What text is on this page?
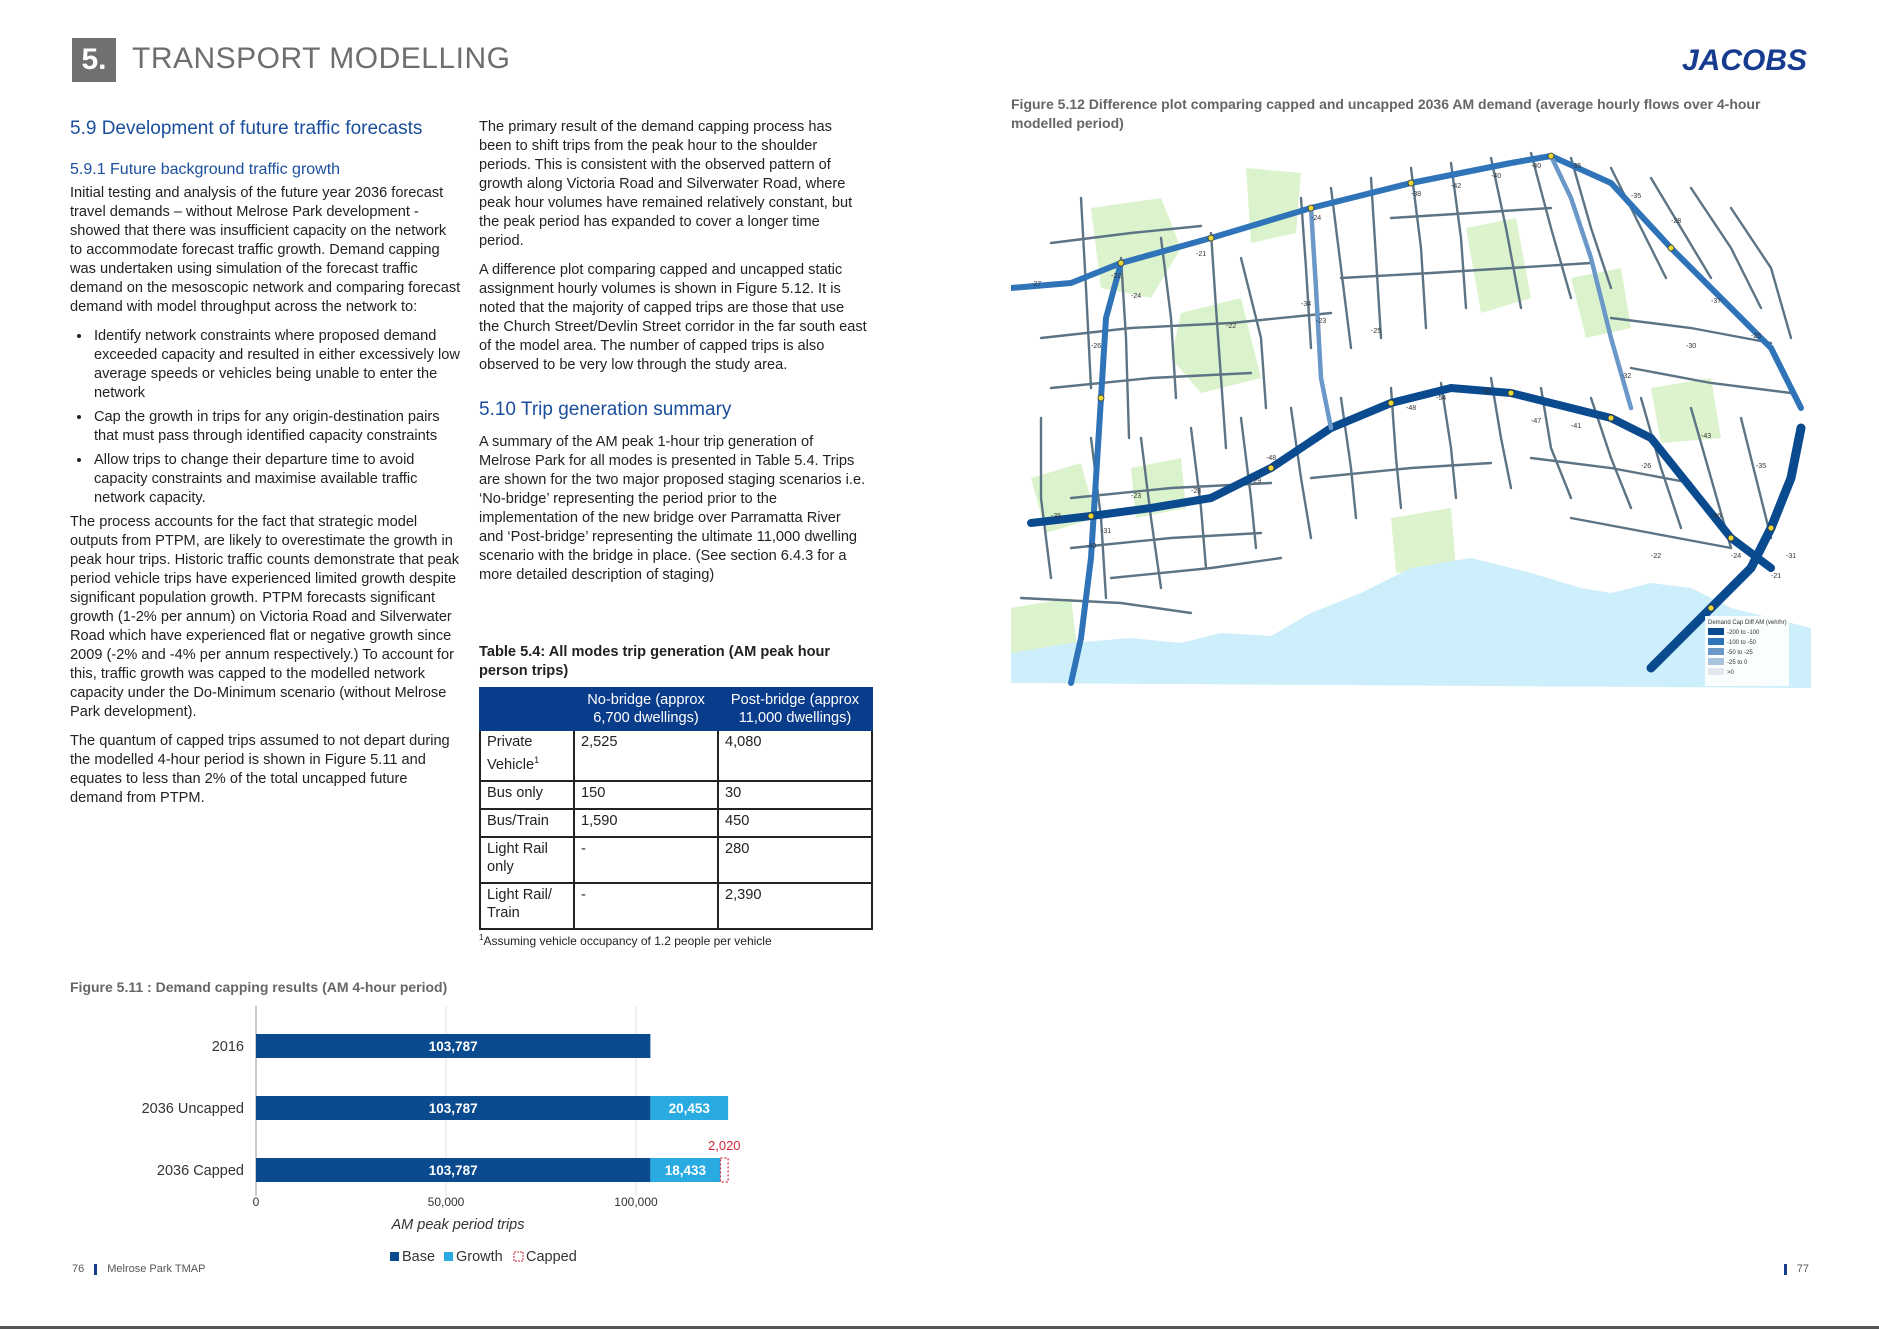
5. TRANSPORT MODELLING	JACOBS
5.9 Development of future traffic forecasts
5.9.1 Future background traffic growth

Initial testing and analysis of the future year 2036 forecast travel demands – without Melrose Park development - showed that there was insufficient capacity on the network to accommodate forecast traffic growth. Demand capping was undertaken using simulation of the forecast traffic demand on the mesoscopic network and comparing forecast demand with model throughput across the network to:

• Identify network constraints where proposed demand exceeded capacity and resulted in either excessively low average speeds or vehicles being unable to enter the network
• Cap the growth in trips for any origin-destination pairs that must pass through identified capacity constraints
• Allow trips to change their departure time to avoid capacity constraints and maximise available traffic network capacity.

The process accounts for the fact that strategic model outputs from PTPM, are likely to overestimate the growth in peak hour trips. Historic traffic counts demonstrate that peak period vehicle trips have experienced limited growth despite significant population growth. PTPM forecasts significant growth (1-2% per annum) on Victoria Road and Silverwater Road which have experienced flat or negative growth since 2009 (-2% and -4% per annum respectively.) To account for this, traffic growth was capped to the modelled network capacity under the Do-Minimum scenario (without Melrose Park development).

The quantum of capped trips assumed to not depart during the modelled 4-hour period is shown in Figure 5.11 and equates to less than 2% of the total uncapped future demand from PTPM.

The primary result of the demand capping process has been to shift trips from the peak hour to the shoulder periods. This is consistent with the observed pattern of growth along Victoria Road and Silverwater Road, where peak hour volumes have remained relatively constant, but the peak period has expanded to cover a longer time period.

A difference plot comparing capped and uncapped static assignment hourly volumes is shown in Figure 5.12. It is noted that the majority of capped trips are those that use the Church Street/Devlin Street corridor in the far south east of the model area. The number of capped trips is also observed to be very low through the study area.

5.10 Trip generation summary

A summary of the AM peak 1-hour trip generation of Melrose Park for all modes is presented in Table 5.4. Trips are shown for the two major proposed staging scenarios i.e. ‘No-bridge’ representing the period prior to the implementation of the new bridge over Parramatta River and ‘Post-bridge’ representing the ultimate 11,000 dwelling scenario with the bridge in place. (See section 6.4.3 for a more detailed description of staging)

Table 5.4: All modes trip generation (AM peak hour person trips)
	No-bridge (approx 6,700 dwellings)	Post-bridge (approx 11,000 dwellings)
Private Vehicle$^1$	2,525	4,080
Bus only	150	30
Bus/Train	1,590	450
Light Rail only	-	280
Light Rail/ Train	-	2,390
$^1$Assuming vehicle occupancy of 1.2 people per vehicle
Figure 5.11 : Demand capping results (AM 4-hour period)
0	50,000	100,000
2016
2036 Uncapped
2036 Capped
103,787
103,787	20,453
103,787	18,433
2,020
AM peak period trips
Base Growth Capped
Figure 5.12 Difference plot comparing capped and uncapped 2036 AM demand (average hourly flows over 4-hour modelled period)
-40	-35
-40
-42
-38	-35
-28
-21
-24
-27
-22
-24
-34
-23
-22
-26
-25
-54
-50
-48
-41
-47
-48
-29
-28
-31
-40
-35
-23
-26
-43
-36
-24
-21
-22
-32
-30
-37
-25
-35
-31
Demand Cap Diff AM (veh/hr)
-200 to -100
-100 to -50
-50 to -25
-25 to 0
>0
76 Melrose Park TMAP	77
